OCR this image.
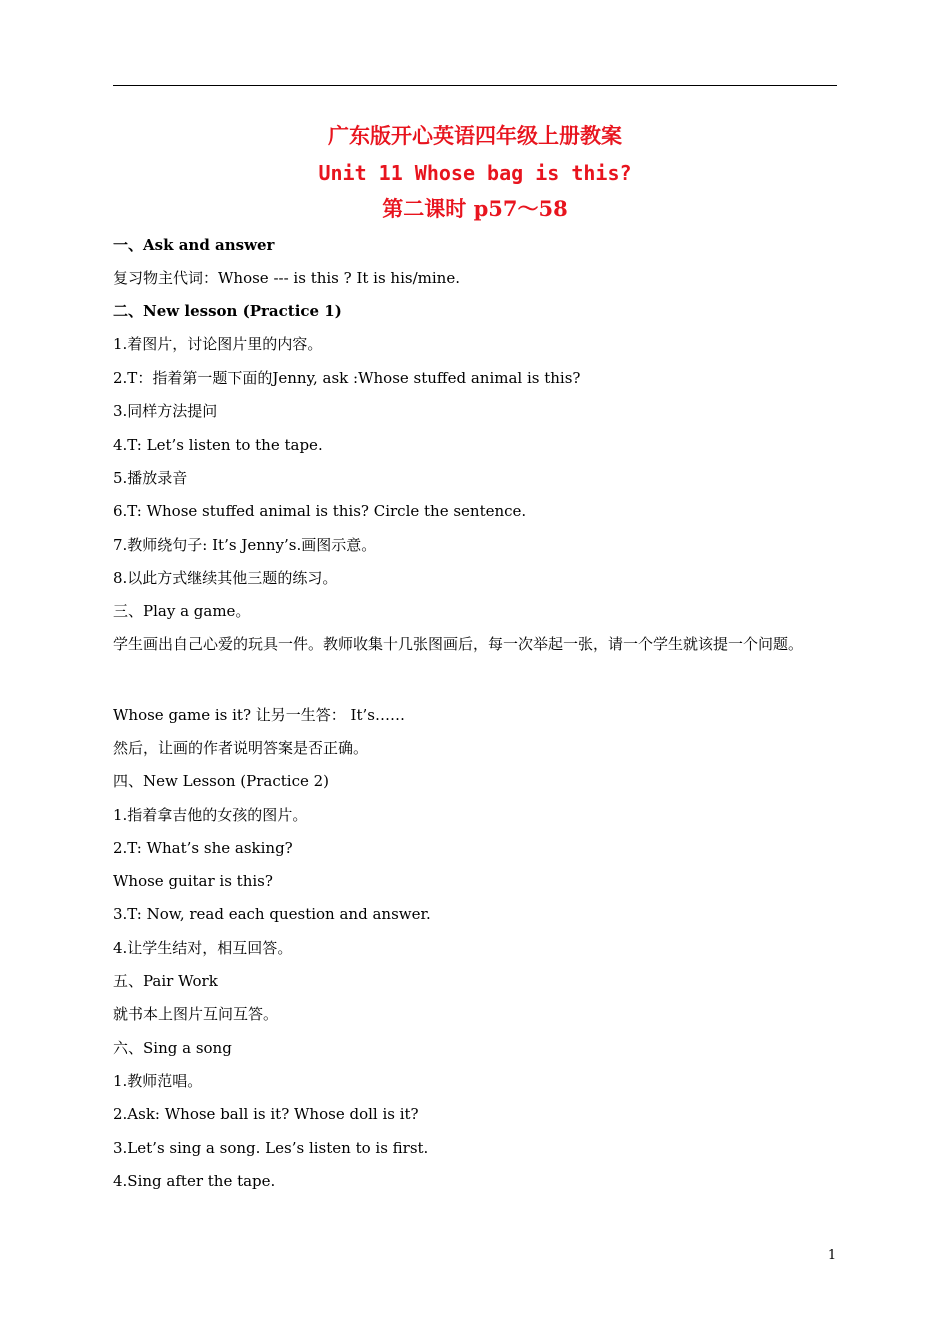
广东版开心英语四年级上册教案
Unit 11 Whose bag is this?
第二课时 p57～58
一、Ask and answer
复习物主代词：Whose --- is this ? It is his/mine.
二、New lesson (Practice 1)
1.着图片，讨论图片里的内容。
2.T：指着第一题下面的Jenny, ask :Whose stuffed animal is this?
3.同样方法提问
4.T: Let’s listen to the tape.
5.播放录音
6.T: Whose stuffed animal is this? Circle the sentence.
7.教师绕句子: It’s Jenny’s.画图示意。
8.以此方式继续其他三题的练习。
三、Play a game。
学生画出自己心爱的玩具一件。教师收集十几张图画后，每一次举起一张，请一个学生就该提一个问题。
Whose game is it? 让另一生答： It’s……
然后，让画的作者说明答案是否正确。
四、New Lesson (Practice 2)
1.指着拿吉他的女孩的图片。
2.T: What’s she asking?
Whose guitar is this?
3.T: Now, read each question and answer.
4.让学生结对，相互回答。
五、Pair Work
就书本上图片互问互答。
六、Sing a song
1.教师范唱。
2.Ask: Whose ball is it? Whose doll is it?
3.Let’s sing a song. Les’s listen to is first.
4.Sing after the tape.
1
